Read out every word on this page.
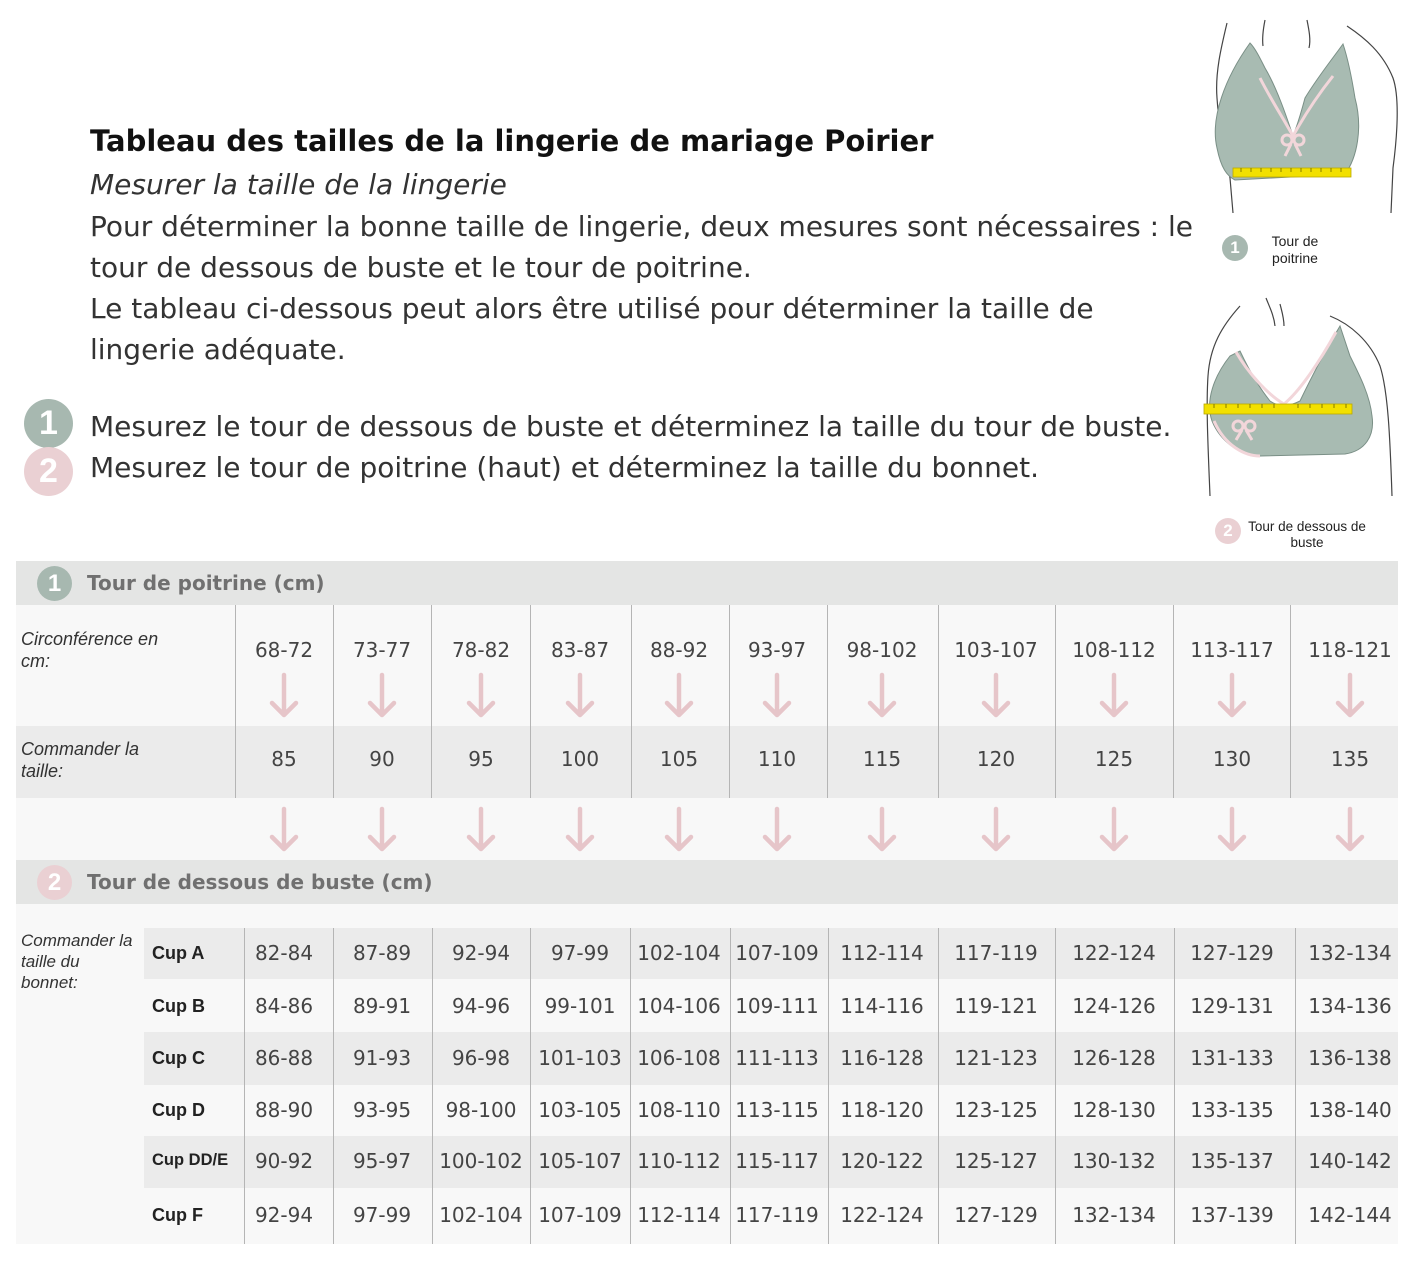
Tableau des tailles de la lingerie de mariage Poirier
Mesurer la taille de la lingerie
Pour déterminer la bonne taille de lingerie, deux mesures sont nécessaires : le tour de dessous de buste et le tour de poitrine.
Le tableau ci-dessous peut alors être utilisé pour déterminer la taille de lingerie adéquate.
1	Mesurez le tour de dessous de buste et déterminez la taille du tour de buste.
2	Mesurez le tour de poitrine (haut) et déterminez la taille du bonnet.
1	Tour de poitrine
2	Tour de dessous de buste
1	Tour de poitrine (cm)
Circonférence en cm:
Commander la taille:
68-72	73-77	78-82	83-87	88-92	93-97	98-102	103-107	108-112	113-117	118-121
85	90	95	100	105	110	115	120	125	130	135
2	Tour de dessous de buste (cm)
Commander la taille du bonnet:
Cup A	82-84	87-89	92-94	97-99	102-104 107-109	112-114	117-119	122-124	127-129	132-134
Cup B	84-86	89-91	94-96	99-101	104-106 109-111	114-116	119-121	124-126	129-131	134-136
Cup C	86-88	91-93	96-98	101-103 106-108 111-113	116-128	121-123	126-128	131-133	136-138
Cup D	88-90	93-95	98-100	103-105 108-110 113-115	118-120	123-125	128-130	133-135	138-140
Cup DD/E	90-92	95-97	100-102 105-107 110-112 115-117	120-122	125-127	130-132	135-137	140-142
Cup F	92-94	97-99	102-104 107-109 112-114 117-119	122-124	127-129	132-134	137-139	142-144
